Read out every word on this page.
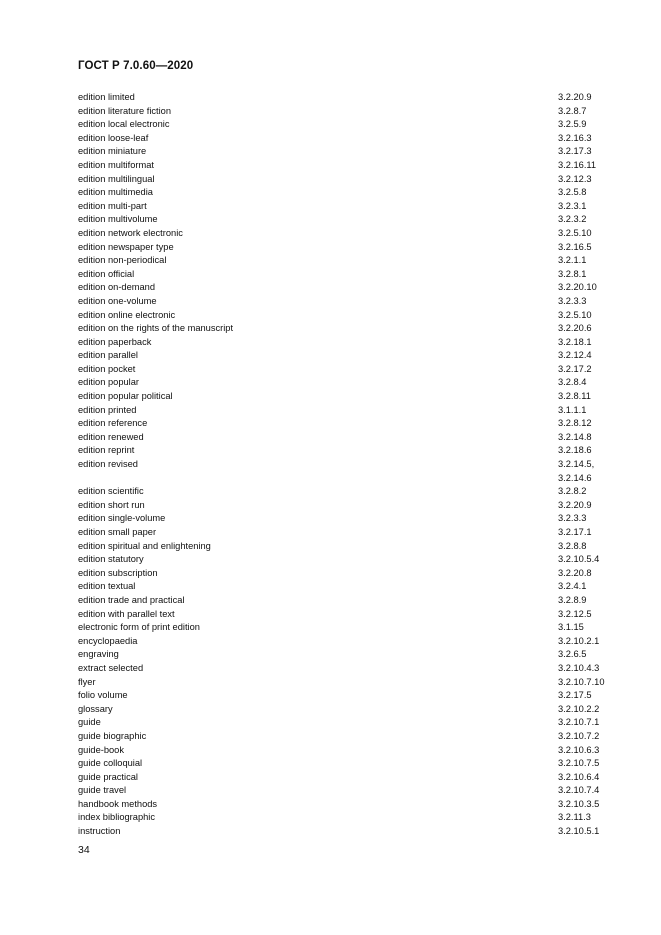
ГОСТ Р 7.0.60—2020
edition limited	3.2.20.9
edition literature fiction	3.2.8.7
edition local electronic	3.2.5.9
edition loose-leaf	3.2.16.3
edition miniature	3.2.17.3
edition multiformat	3.2.16.11
edition multilingual	3.2.12.3
edition multimedia	3.2.5.8
edition multi-part	3.2.3.1
edition multivolume	3.2.3.2
edition network electronic	3.2.5.10
edition newspaper type	3.2.16.5
edition non-periodical	3.2.1.1
edition official	3.2.8.1
edition on-demand	3.2.20.10
edition one-volume	3.2.3.3
edition online electronic	3.2.5.10
edition on the rights of the manuscript	3.2.20.6
edition paperback	3.2.18.1
edition parallel	3.2.12.4
edition pocket	3.2.17.2
edition popular	3.2.8.4
edition popular political	3.2.8.11
edition printed	3.1.1.1
edition reference	3.2.8.12
edition renewed	3.2.14.8
edition reprint	3.2.18.6
edition revised	3.2.14.5,
3.2.14.6
edition scientific	3.2.8.2
edition short run	3.2.20.9
edition single-volume	3.2.3.3
edition small paper	3.2.17.1
edition spiritual and enlightening	3.2.8.8
edition statutory	3.2.10.5.4
edition subscription	3.2.20.8
edition textual	3.2.4.1
edition trade and practical	3.2.8.9
edition with parallel text	3.2.12.5
electronic form of print edition	3.1.15
encyclopaedia	3.2.10.2.1
engraving	3.2.6.5
extract selected	3.2.10.4.3
flyer	3.2.10.7.10
folio volume	3.2.17.5
glossary	3.2.10.2.2
guide	3.2.10.7.1
guide biographic	3.2.10.7.2
guide-book	3.2.10.6.3
guide colloquial	3.2.10.7.5
guide practical	3.2.10.6.4
guide travel	3.2.10.7.4
handbook methods	3.2.10.3.5
index bibliographic	3.2.11.3
instruction	3.2.10.5.1
34
